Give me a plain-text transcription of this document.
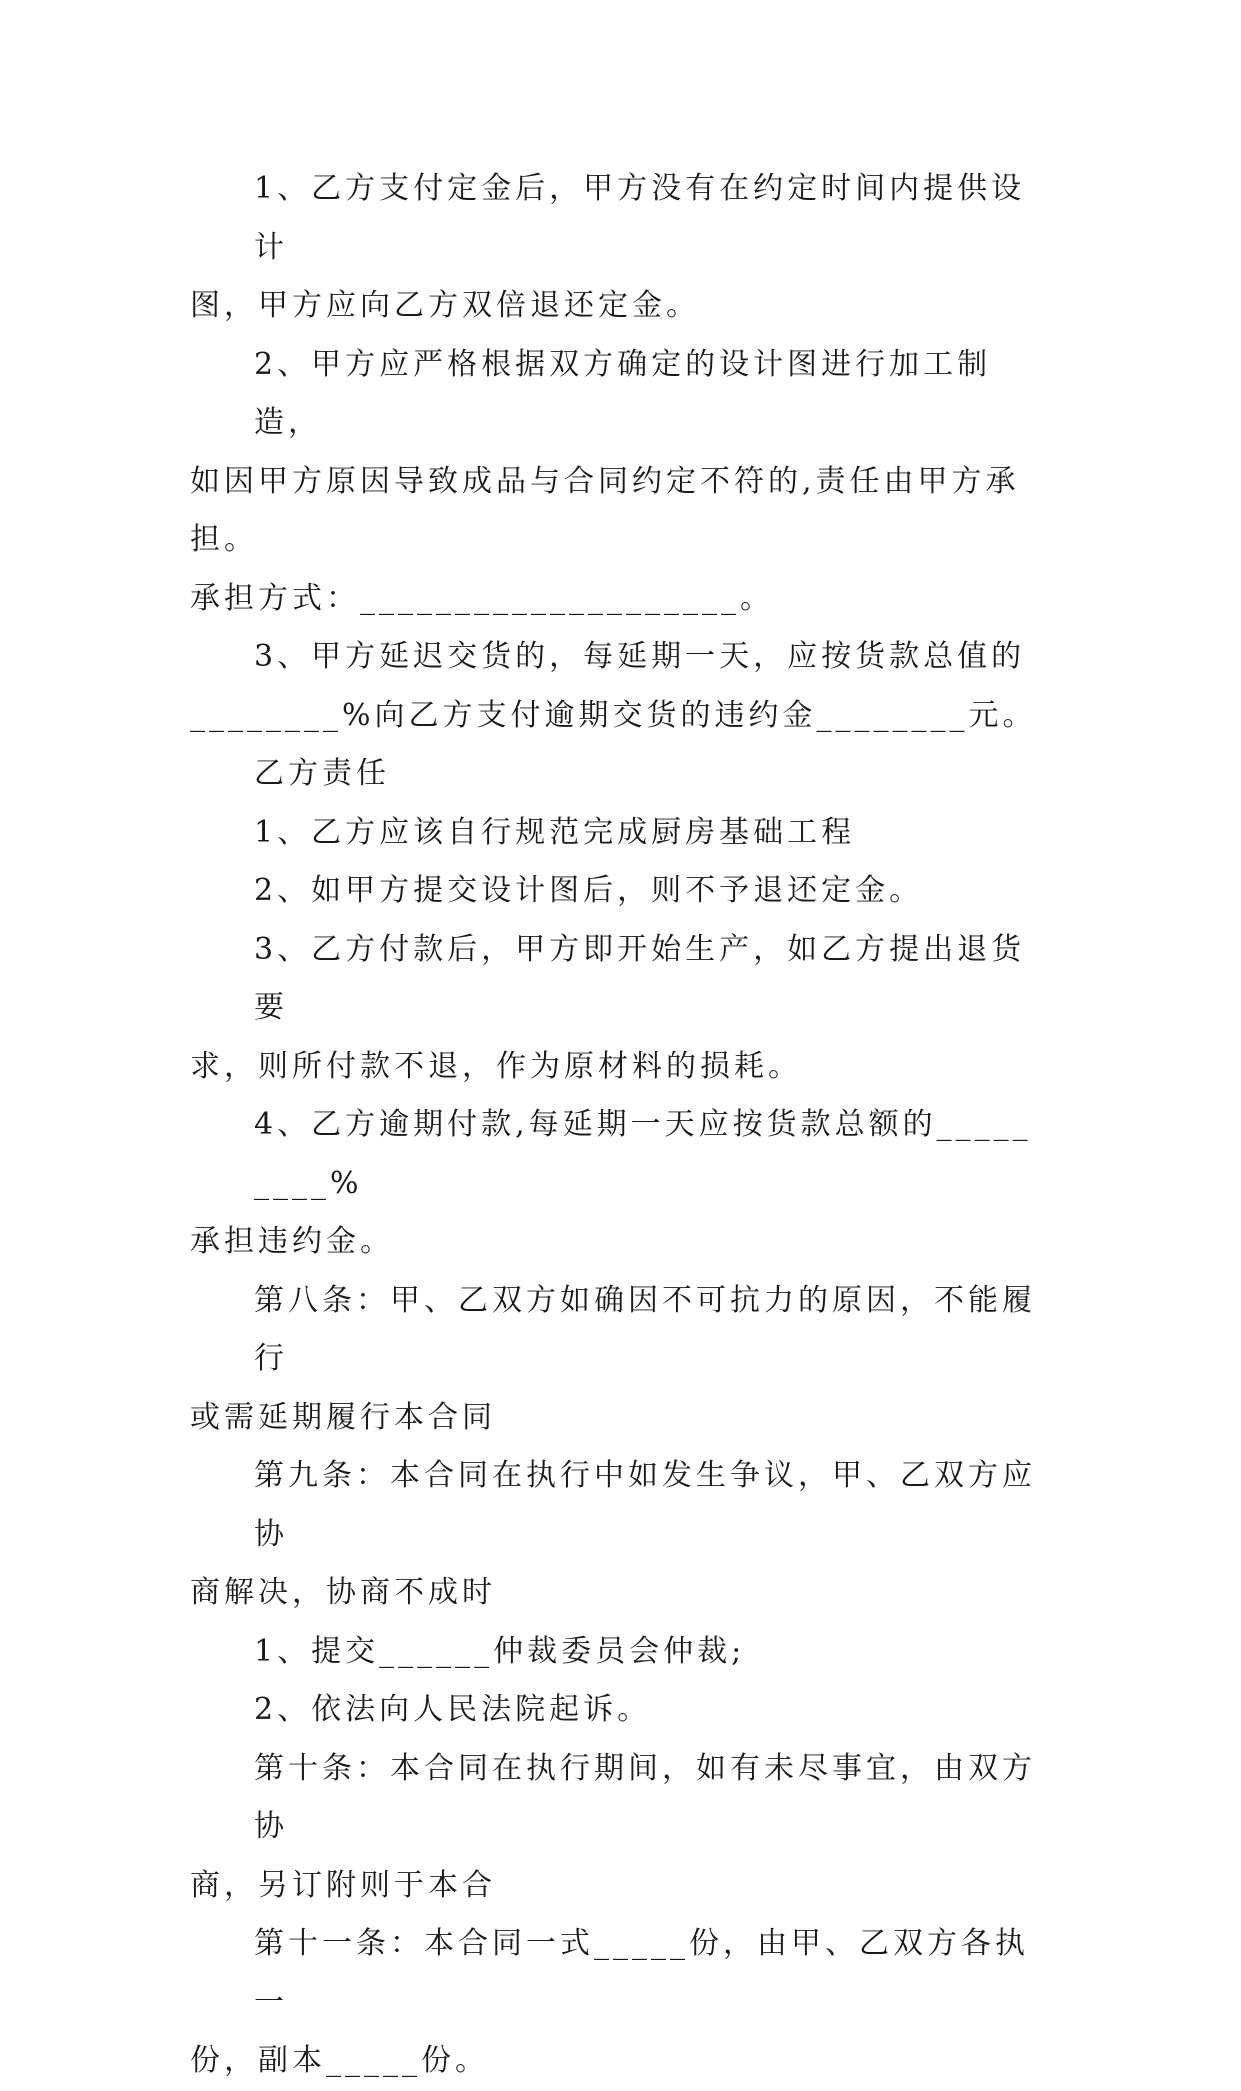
1、乙方支付定金后，甲方没有在约定时间内提供设计
图，甲方应向乙方双倍退还定金。
2、甲方应严格根据双方确定的设计图进行加工制造，
如因甲方原因导致成品与合同约定不符的,责任由甲方承担。
承担方式：____________________。
3、甲方延迟交货的，每延期一天，应按货款总值的
________%向乙方支付逾期交货的违约金________元。
乙方责任
1、乙方应该自行规范完成厨房基础工程
2、如甲方提交设计图后，则不予退还定金。
3、乙方付款后，甲方即开始生产，如乙方提出退货要
求，则所付款不退，作为原材料的损耗。
4、乙方逾期付款,每延期一天应按货款总额的_________%
承担违约金。
第八条：甲、乙双方如确因不可抗力的原因，不能履行
或需延期履行本合同
第九条：本合同在执行中如发生争议，甲、乙双方应协
商解决，协商不成时
1、提交______仲裁委员会仲裁;
2、依法向人民法院起诉。
第十条：本合同在执行期间，如有未尽事宜，由双方协
商，另订附则于本合
第十一条：本合同一式_____份，由甲、乙双方各执一
份，副本_____份。
